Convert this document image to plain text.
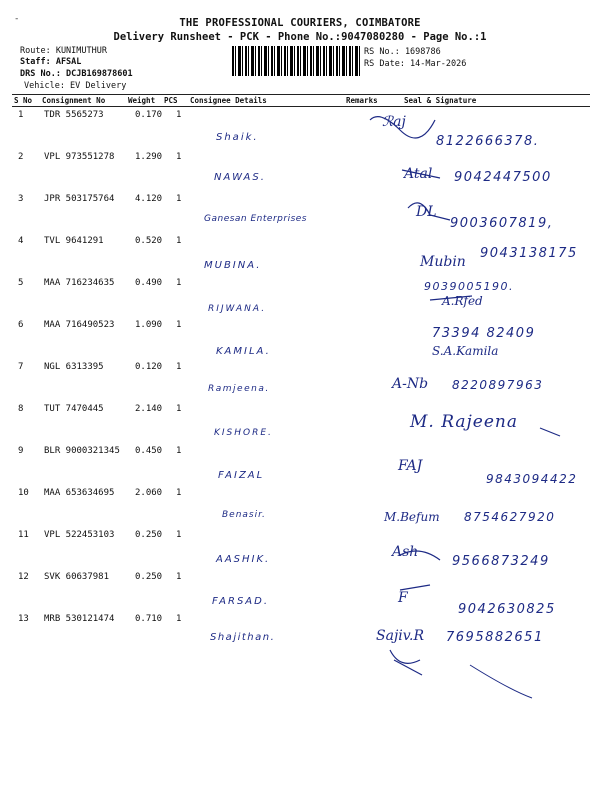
-	THE PROFESSIONAL COURIERS, COIMBATORE
Delivery Runsheet - PCK - Phone No.:9047080280 - Page No.:1
Route: KUNIMUTHUR
Staff: AFSAL
DRS No.: DCJB169878601
Vehicle: EV Delivery
RS No.: 1698786
RS Date: 14-Mar-2026
S No Consignment No	Weight PCS Consignee Details	Remarks	Seal & Signature
1 TDR 5565273	0.170 1
Shaik.
ℛaj
8122666378.
2 VPL 973551278 1.290 1
NAWAS.	Atal 9042447500
3 JPR 503175764 4.120 1
Ganesan Enterprises	DL
9003607819,
4 TVL 9641291	0.520 1
MUBINA.	Mubin
9043138175
5 MAA 716234635 0.490 1
RIJWANA.
9039005190.
A.Rfed
6 MAA 716490523 1.090 1
KAMILA.
73394 82409
S.A.Kamila
7 NGL 6313395	0.120 1
Ramjeena.	A-Nb 8220897963
8 TUT 7470445	2.140 1
KISHORE.
M. Rajeena
9 BLR 9000321345 0.450 1
FAIZAL
FAJ
9843094422
10 MAA 653634695 2.060 1
Benasir.	M.Befum 8754627920
11 VPL 522453103 0.250 1
AASHIK.	Ash
9566873249
12 SVK 60637981	0.250 1
FARSAD.	F
9042630825
13 MRB 530121474 0.710 1
Shajithan.	Sajiv.R 7695882651
